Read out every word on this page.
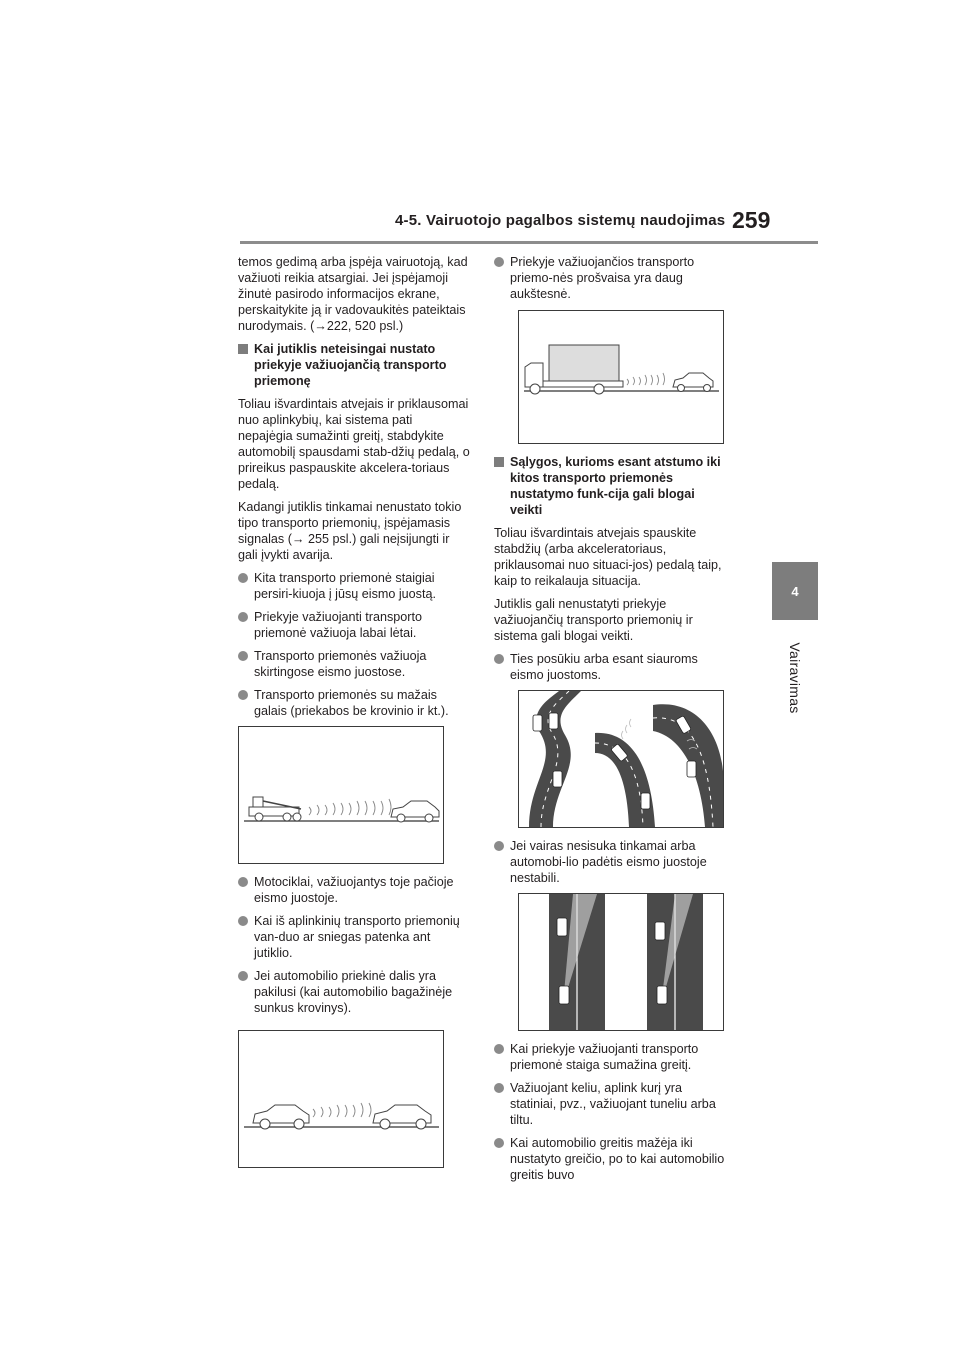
4-5. Vairuotojo pagalbos sistemų naudojimas 259
4
Vairavimas

temos gedimą arba įspėja vairuotoją, kad važiuoti reikia atsargiai. Jei įspėjamoji žinutė pasirodo informacijos ekrane, perskaitykite ją ir vadovaukitės pateiktais nurodymais. (→222, 520 psl.)

Kai jutiklis neteisingai nustato priekyje važiuojančią transporto priemonę

Toliau išvardintais atvejais ir priklausomai nuo aplinkybių, kai sistema pati nepajėgia sumažinti greitį, stabdykite automobilį spausdami stab-džių pedalą, o prireikus paspauskite akcelera-toriaus pedalą.

Kadangi jutiklis tinkamai nenustato tokio tipo transporto priemonių, įspėjamasis signalas (→ 255 psl.) gali neįsijungti ir gali įvykti avarija.

Kita transporto priemonė staigiai persiri-kiuoja į jūsų eismo juostą.
Priekyje važiuojanti transporto priemonė važiuoja labai lėtai.
Transporto priemonės važiuoja skirtingose eismo juostose.
Transporto priemonės su mažais galais (priekabos be krovinio ir kt.).
Motociklai, važiuojantys toje pačioje eismo juostoje.
Kai iš aplinkinių transporto priemonių van-duo ar sniegas patenka ant jutiklio.
Jei automobilio priekinė dalis yra pakilusi (kai automobilio bagažinėje sunkus krovinys).
Priekyje važiuojančios transporto priemo-nės prošvaisa yra daug aukštesnė.
Sąlygos, kurioms esant atstumo iki kitos transporto priemonės nustatymo funk-cija gali blogai veikti

Toliau išvardintais atvejais spauskite stabdžių (arba akceleratoriaus, priklausomai nuo situaci-jos) pedalą taip, kaip to reikalauja situacija.

Jutiklis gali nenustatyti priekyje važiuojančių transporto priemonių ir sistema gali blogai veikti.

Ties posūkiu arba esant siauroms eismo juostoms.
Jei vairas nesisuka tinkamai arba automobi-lio padėtis eismo juostoje nestabili.
Kai priekyje važiuojanti transporto priemonė staiga sumažina greitį.
Važiuojant keliu, aplink kurį yra statiniai, pvz., važiuojant tuneliu arba tiltu.
Kai automobilio greitis mažėja iki nustatyto greičio, po to kai automobilio greitis buvo
